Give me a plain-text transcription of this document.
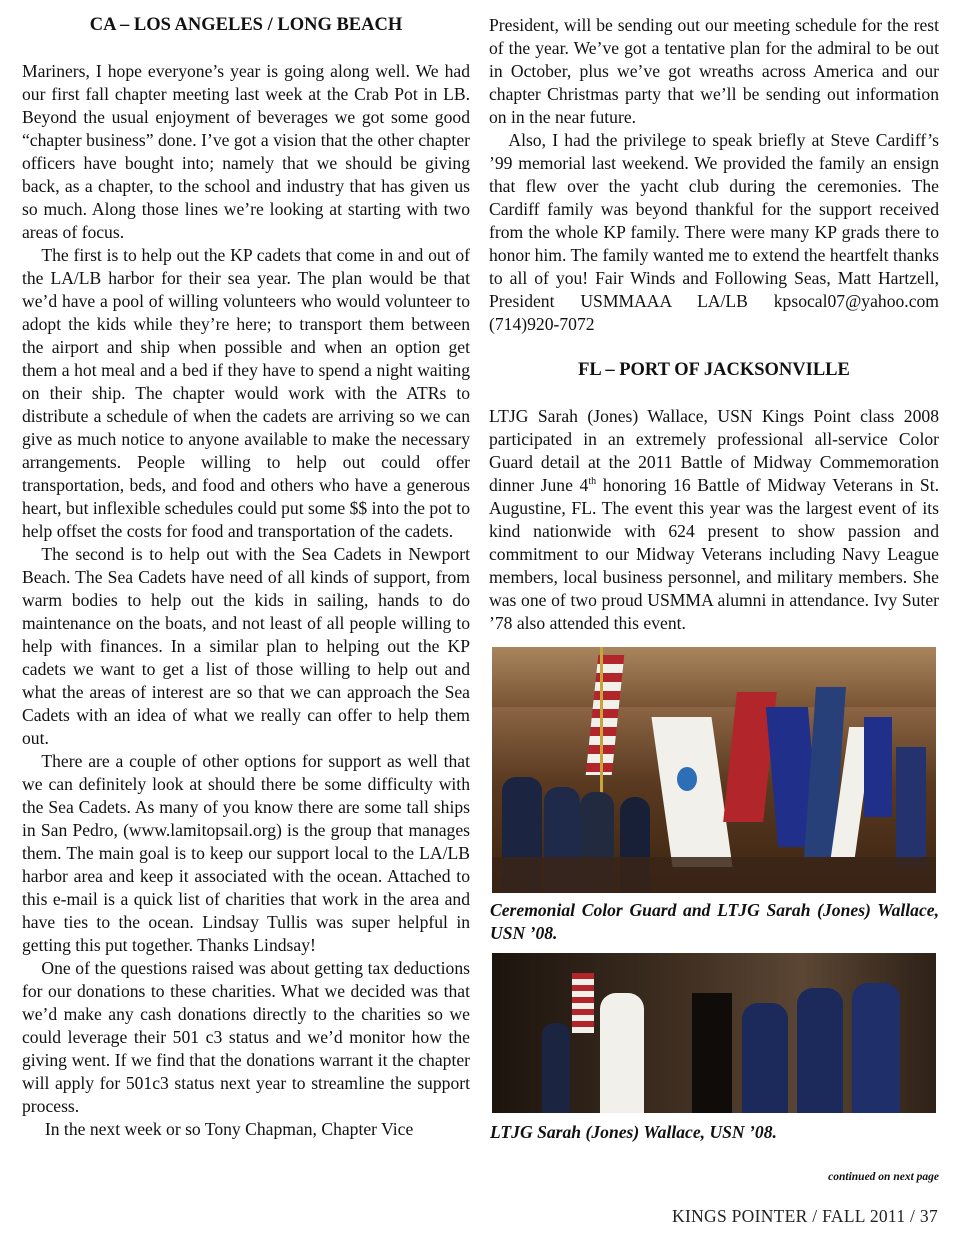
CA – LOS ANGELES / LONG BEACH

Mariners, I hope everyone’s year is going along well. We had our first fall chapter meeting last week at the Crab Pot in LB. Beyond the usual enjoyment of beverages we got some good “chapter business” done. I’ve got a vision that the other chapter officers have bought into; namely that we should be giving back, as a chapter, to the school and industry that has given us so much. Along those lines we’re looking at starting with two areas of focus.

The first is to help out the KP cadets that come in and out of the LA/LB harbor for their sea year. The plan would be that we’d have a pool of willing volunteers who would volunteer to adopt the kids while they’re here; to transport them between the airport and ship when possible and when an option get them a hot meal and a bed if they have to spend a night waiting on their ship. The chapter would work with the ATRs to distribute a schedule of when the cadets are arriving so we can give as much notice to anyone available to make the necessary arrangements. People willing to help out could offer transportation, beds, and food and others who have a generous heart, but inflexible schedules could put some $$ into the pot to help offset the costs for food and transportation of the cadets.

The second is to help out with the Sea Cadets in Newport Beach. The Sea Cadets have need of all kinds of support, from warm bodies to help out the kids in sailing, hands to do maintenance on the boats, and not least of all people willing to help with finances. In a similar plan to helping out the KP cadets we want to get a list of those willing to help out and what the areas of interest are so that we can approach the Sea Cadets with an idea of what we really can offer to help them out.

There are a couple of other options for support as well that we can definitely look at should there be some difficulty with the Sea Cadets. As many of you know there are some tall ships in San Pedro, (www.lamitopsail.org) is the group that manages them. The main goal is to keep our support local to the LA/LB harbor area and keep it associated with the ocean. Attached to this e-mail is a quick list of charities that work in the area and have ties to the ocean. Lindsay Tullis was super helpful in getting this put together. Thanks Lindsay!

One of the questions raised was about getting tax deductions for our donations to these charities. What we decided was that we’d make any cash donations directly to the charities so we could leverage their 501 c3 status and we’d monitor how the giving went. If we find that the donations warrant it the chapter will apply for 501c3 status next year to streamline the support process.

In the next week or so Tony Chapman, Chapter Vice

President, will be sending out our meeting schedule for the rest of the year. We’ve got a tentative plan for the admiral to be out in October, plus we’ve got wreaths across America and our chapter Christmas party that we’ll be sending out information on in the near future.

Also, I had the privilege to speak briefly at Steve Cardiff’s ’99 memorial last weekend. We provided the family an ensign that flew over the yacht club during the ceremonies. The Cardiff family was beyond thankful for the support received from the whole KP family. There were many KP grads there to honor him. The family wanted me to extend the heartfelt thanks to all of you! Fair Winds and Following Seas, Matt Hartzell, President USMMAAA LA/LB kpsocal07@yahoo.com (714)920-7072

FL – PORT OF JACKSONVILLE

LTJG Sarah (Jones) Wallace, USN Kings Point class 2008 participated in an extremely professional all-service Color Guard detail at the 2011 Battle of Midway Commemoration dinner June 4th honoring 16 Battle of Midway Veterans in St. Augustine, FL. The event this year was the largest event of its kind nationwide with 624 present to show passion and commitment to our Midway Veterans including Navy League members, local business personnel, and military members. She was one of two proud USMMA alumni in attendance. Ivy Suter ’78 also attended this event.

Ceremonial Color Guard and LTJG Sarah (Jones) Wallace, USN ’08.

LTJG Sarah (Jones) Wallace, USN ’08.

continued on next page
KINGS POINTER / FALL 2011 / 37
